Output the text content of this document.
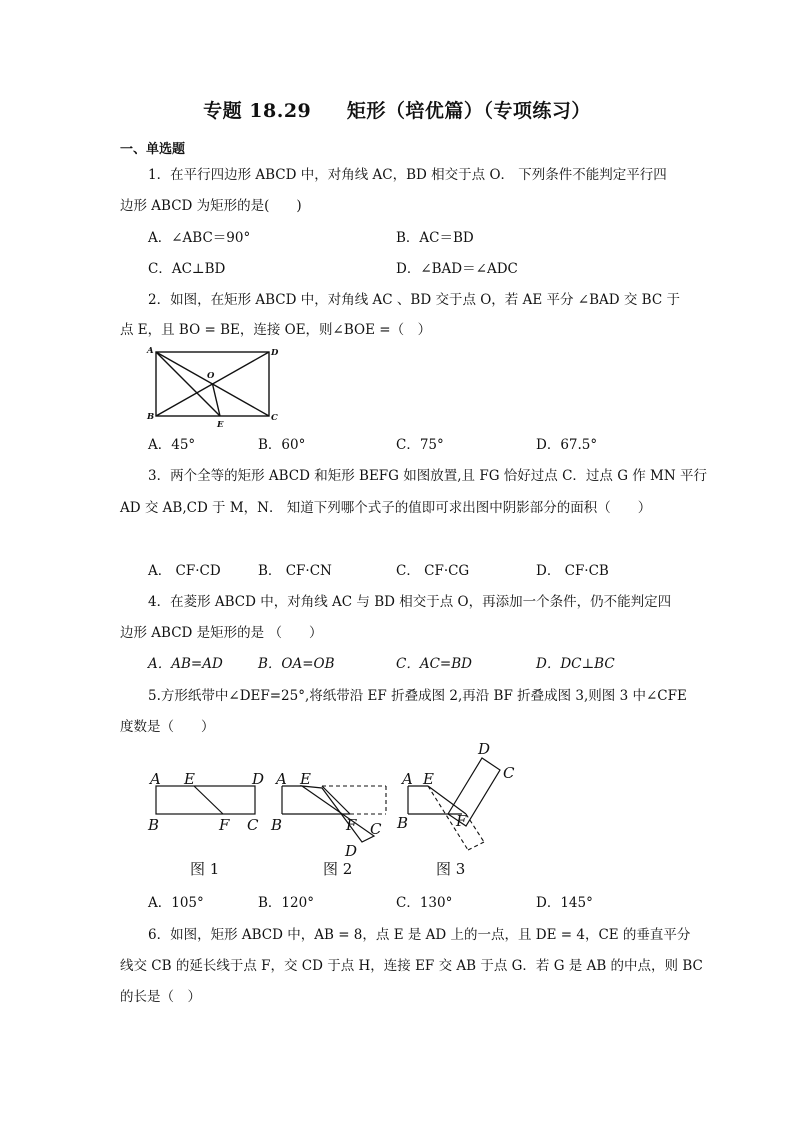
专题 18.29     矩形（培优篇）（专项练习）
一、单选题
1．在平行四边形 ABCD 中，对角线 AC，BD 相交于点 O． 下列条件不能判定平行四
边形 ABCD 为矩形的是(　　)
A．∠ABC＝90°	B．AC＝BD
C．AC⊥BD	D．∠BAD＝∠ADC
2．如图，在矩形 ABCD 中，对角线 AC 、BD 交于点 O，若 AE 平分 ∠BAD 交 BC 于
点 E，且 BO = BE，连接 OE，则∠BOE =（　）
A	D
B	C
O
E
A．45°	B．60°	C．75°	D．67.5°
3．两个全等的矩形 ABCD 和矩形 BEFG 如图放置,且 FG 恰好过点 C．过点 G 作 MN 平行
AD 交 AB,CD 于 M，N． 知道下列哪个式子的值即可求出图中阴影部分的面积（　　）
A． CF·CD	B． CF·CN	C． CF·CG	D． CF·CB
4．在菱形 ABCD 中，对角线 AC 与 BD 相交于点 O，再添加一个条件，仍不能判定四
边形 ABCD 是矩形的是 （　　）
A．AB=AD	B．OA=OB	C．AC=BD	D．DC⊥BC
5.方形纸带中∠DEF=25°,将纸带沿 EF 折叠成图 2,再沿 BF 折叠成图 3,则图 3 中∠CFE
度数是（　　）
A E	D
B	F C
图 1
A E
B	F C
D
图 2
A E
D
C
B	F
图 3
A．105°	B．120°	C．130°	D．145°
6．如图，矩形 ABCD 中，AB = 8，点 E 是 AD 上的一点，且 DE = 4，CE 的垂直平分
线交 CB 的延长线于点 F，交 CD 于点 H，连接 EF 交 AB 于点 G．若 G 是 AB 的中点，则 BC
的长是（　）
